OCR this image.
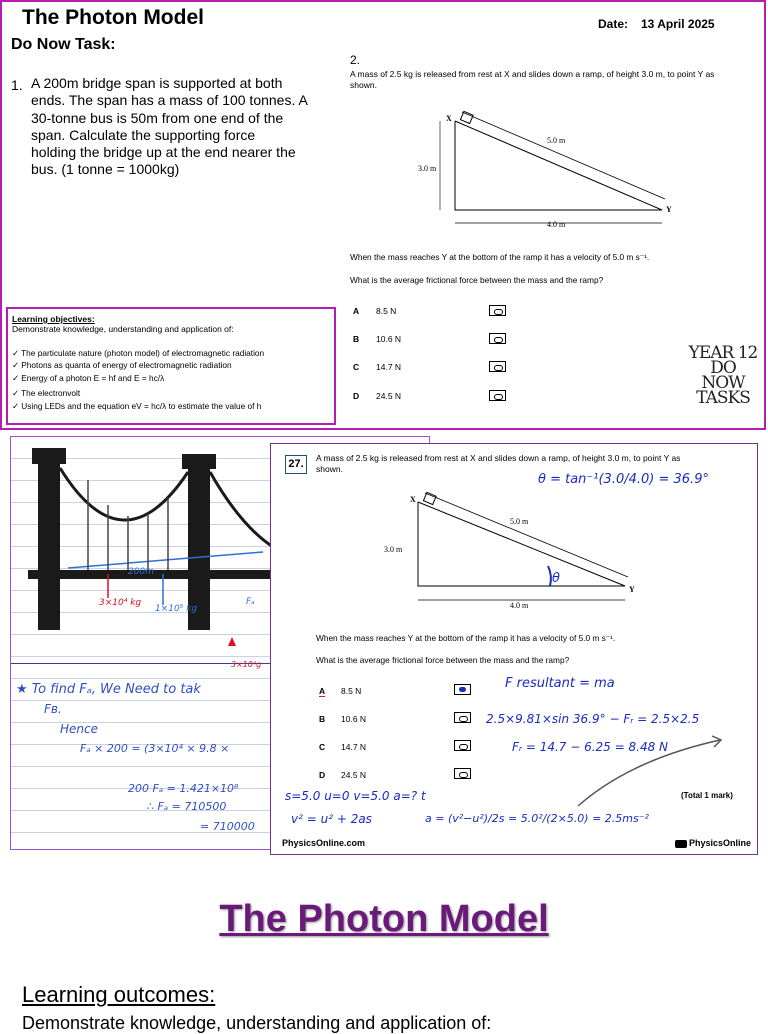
The Photon Model	Date: 13 April 2025
Do Now Task:
1. A 200m bridge span is supported at both
ends. The span has a mass of 100 tonnes. A
30-tonne bus is 50m from one end of the
span. Calculate the supporting force
holding the bridge up at the end nearer the
bus. (1 tonne = 1000kg)
2.
A mass of 2.5 kg is released from rest at X and slides down a ramp, of height 3.0 m, to point Y as
shown.
X
Y
5.0 m
3.0 m
4.0 m
When the mass reaches Y at the bottom of the ramp it has a velocity of 5.0 m s⁻¹.
What is the average frictional force between the mass and the ramp?
A 8.5 N
B 10.6 N
C 14.7 N
D 24.5 N
Learning objectives:
Demonstrate knowledge, understanding and application of:
✓ The particulate nature (photon model) of electromagnetic radiation
✓ Photons as quanta of energy of electromagnetic radiation
✓ Energy of a photon E = hf and E = hc/λ
✓ The electronvolt
✓ Using LEDs and the equation eV = hc/λ to estimate the value of h
YEAR 12
DO
NOW
TASKS
200m
3×10⁴ kg
1×10⁵ kg
Fₐ
3×10⁴g
★ To find Fₐ, We Need to tak
Fʙ.
Hence
Fₐ × 200 = (3×10⁴ × 9.8 ×
200 Fₐ = 1.421×10⁸
∴ Fₐ = 710500
= 710000
27.	A mass of 2.5 kg is released from rest at X and slides down a ramp, of height 3.0 m, to point Y as
shown.
θ = tan⁻¹(3.0/4.0) = 36.9°
X
Y
5.0 m
3.0 m
4.0 m
θ
When the mass reaches Y at the bottom of the ramp it has a velocity of 5.0 m s⁻¹.
What is the average frictional force between the mass and the ramp?
A 8.5 N
B 10.6 N
C 14.7 N
D 24.5 N
F resultant = ma
2.5×9.81×sin 36.9° − Fᵣ = 2.5×2.5
Fᵣ = 14.7 − 6.25 = 8.48 N
s=5.0 u=0 v=5.0 a=? t
v² = u² + 2as	a = (v²−u²)/2s = 5.0²/(2×5.0) = 2.5ms⁻²
(Total 1 mark)
PhysicsOnline.com	PhysicsOnline
The Photon Model
Learning outcomes:
Demonstrate knowledge, understanding and application of:
